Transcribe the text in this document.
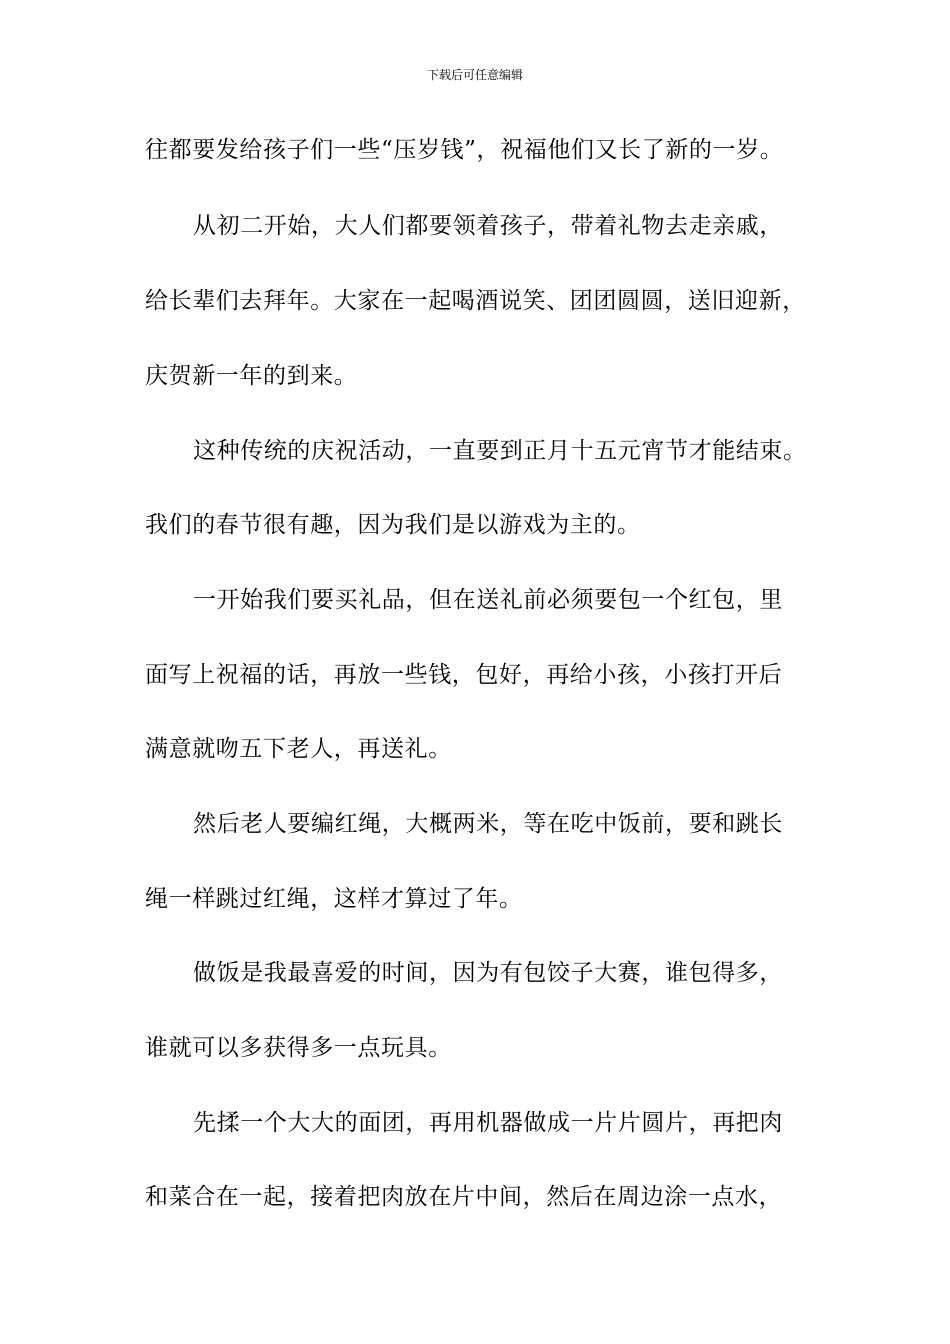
下载后可任意编辑
往都要发给孩子们一些“压岁钱”，祝福他们又长了新的一岁。
从初二开始，大人们都要领着孩子，带着礼物去走亲戚，
给长辈们去拜年。大家在一起喝酒说笑、团团圆圆，送旧迎新，
庆贺新一年的到来。
这种传统的庆祝活动，一直要到正月十五元宵节才能结束。
我们的春节很有趣，因为我们是以游戏为主的。
一开始我们要买礼品，但在送礼前必须要包一个红包，里
面写上祝福的话，再放一些钱，包好，再给小孩，小孩打开后
满意就吻五下老人，再送礼。
然后老人要编红绳，大概两米，等在吃中饭前，要和跳长
绳一样跳过红绳，这样才算过了年。
做饭是我最喜爱的时间，因为有包饺子大赛，谁包得多，
谁就可以多获得多一点玩具。
先揉一个大大的面团，再用机器做成一片片圆片，再把肉
和菜合在一起，接着把肉放在片中间，然后在周边涂一点水，
